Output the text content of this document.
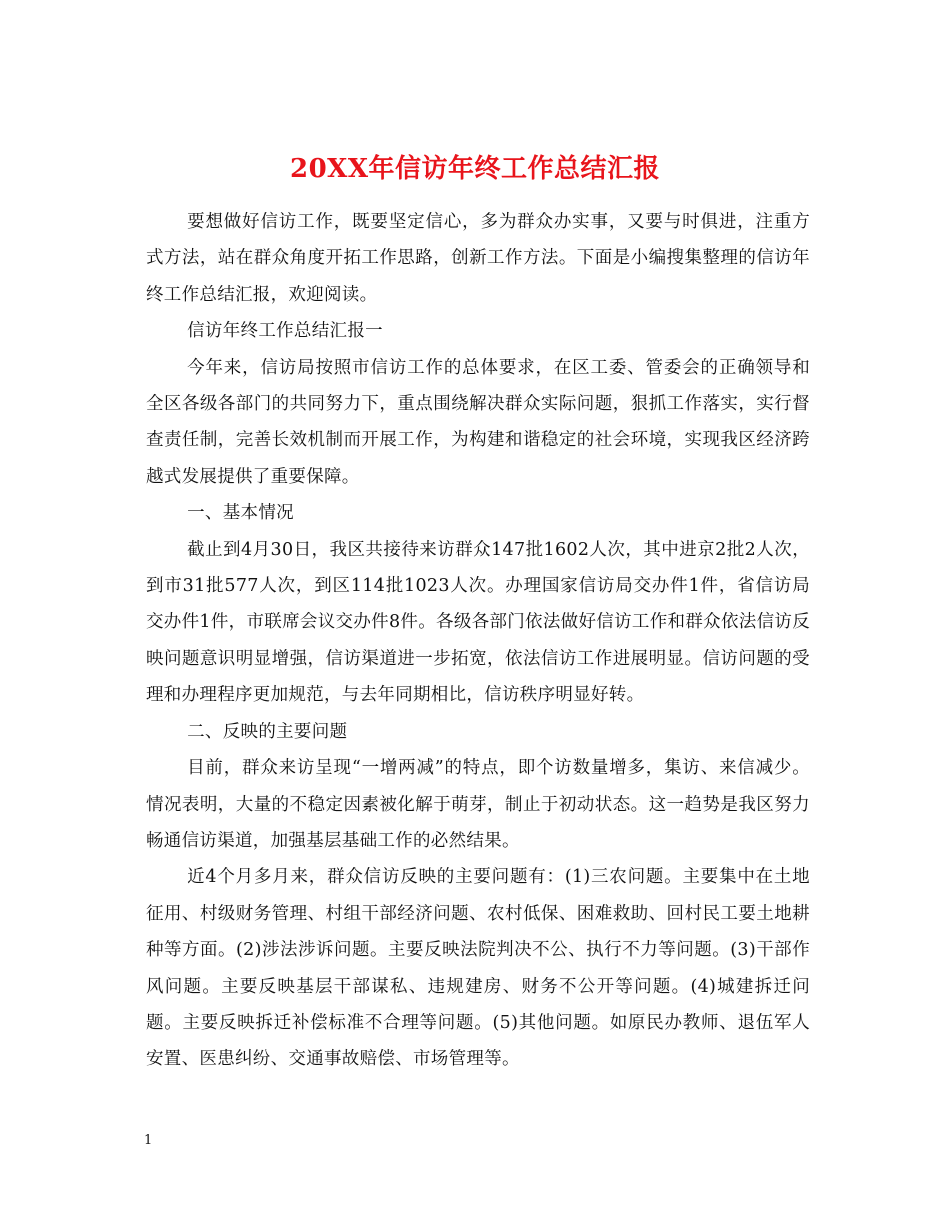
20XX年信访年终工作总结汇报

要想做好信访工作，既要坚定信心，多为群众办实事，又要与时俱进，注重方式方法，站在群众角度开拓工作思路，创新工作方法。下面是小编搜集整理的信访年终工作总结汇报，欢迎阅读。

信访年终工作总结汇报一

今年来，信访局按照市信访工作的总体要求，在区工委、管委会的正确领导和全区各级各部门的共同努力下，重点围绕解决群众实际问题，狠抓工作落实，实行督查责任制，完善长效机制而开展工作，为构建和谐稳定的社会环境，实现我区经济跨越式发展提供了重要保障。

一、基本情况

截止到4月30日，我区共接待来访群众147批1602人次，其中进京2批2人次，到市31批577人次，到区114批1023人次。办理国家信访局交办件1件，省信访局交办件1件，市联席会议交办件8件。各级各部门依法做好信访工作和群众依法信访反映问题意识明显增强，信访渠道进一步拓宽，依法信访工作进展明显。信访问题的受理和办理程序更加规范，与去年同期相比，信访秩序明显好转。

二、反映的主要问题

目前，群众来访呈现“一增两减”的特点，即个访数量增多，集访、来信减少。情况表明，大量的不稳定因素被化解于萌芽，制止于初动状态。这一趋势是我区努力畅通信访渠道，加强基层基础工作的必然结果。

近4个月多月来，群众信访反映的主要问题有：(1)三农问题。主要集中在土地征用、村级财务管理、村组干部经济问题、农村低保、困难救助、回村民工要土地耕种等方面。(2)涉法涉诉问题。主要反映法院判决不公、执行不力等问题。(3)干部作风问题。主要反映基层干部谋私、违规建房、财务不公开等问题。(4)城建拆迁问题。主要反映拆迁补偿标准不合理等问题。(5)其他问题。如原民办教师、退伍军人安置、医患纠纷、交通事故赔偿、市场管理等。

1
